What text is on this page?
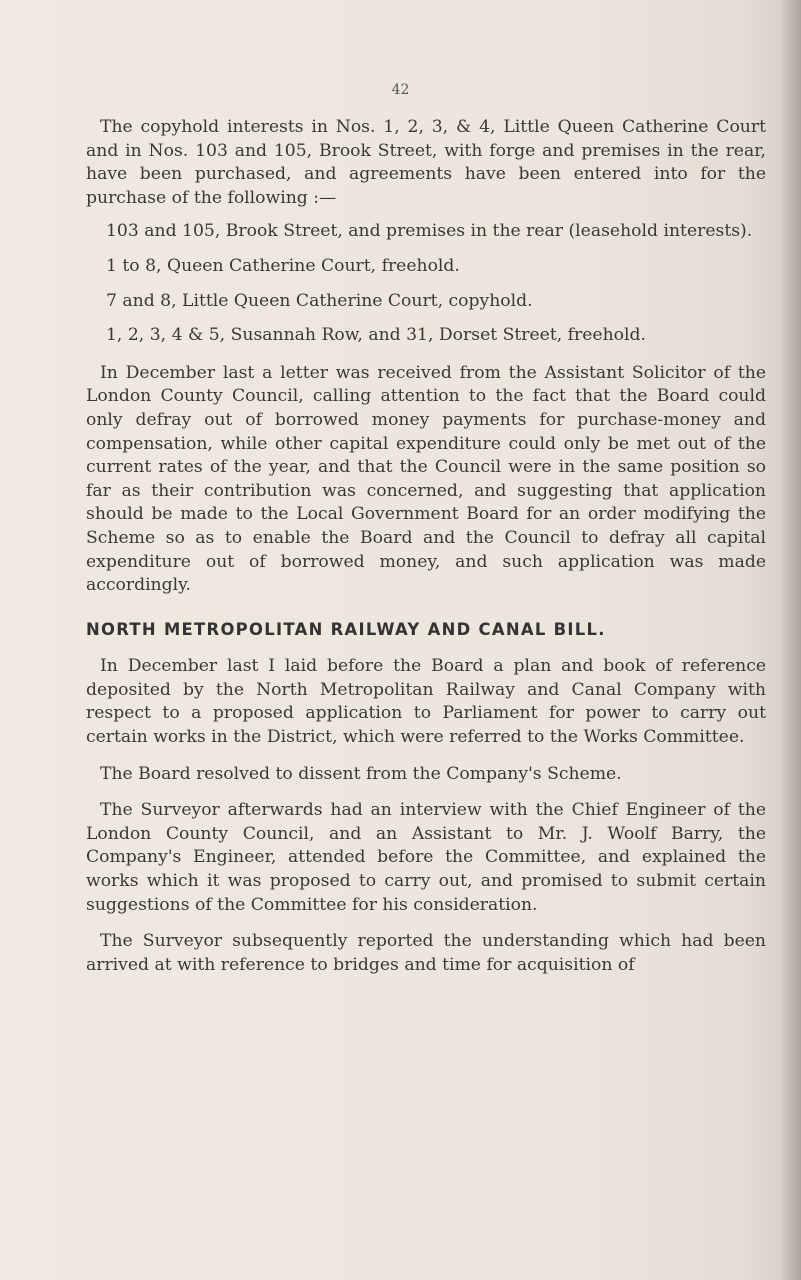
42

The copyhold interests in Nos. 1, 2, 3, & 4, Little Queen Catherine Court and in Nos. 103 and 105, Brook Street, with forge and premises in the rear, have been purchased, and agreements have been entered into for the purchase of the following :—

103 and 105, Brook Street, and premises in the rear (leasehold interests).

1 to 8, Queen Catherine Court, freehold.

7 and 8, Little Queen Catherine Court, copyhold.

1, 2, 3, 4 & 5, Susannah Row, and 31, Dorset Street, freehold.

In December last a letter was received from the Assistant Solicitor of the London County Council, calling attention to the fact that the Board could only defray out of borrowed money payments for purchase-money and compensation, while other capital expenditure could only be met out of the current rates of the year, and that the Council were in the same position so far as their contribution was concerned, and suggesting that application should be made to the Local Government Board for an order modifying the Scheme so as to enable the Board and the Council to defray all capital expenditure out of borrowed money, and such application was made accordingly.

NORTH METROPOLITAN RAILWAY AND CANAL BILL.

In December last I laid before the Board a plan and book of reference deposited by the North Metropolitan Railway and Canal Company with respect to a proposed application to Parliament for power to carry out certain works in the District, which were referred to the Works Committee.

The Board resolved to dissent from the Company's Scheme.

The Surveyor afterwards had an interview with the Chief Engineer of the London County Council, and an Assistant to Mr. J. Woolf Barry, the Company's Engineer, attended before the Committee, and explained the works which it was proposed to carry out, and promised to submit certain suggestions of the Committee for his consideration.

The Surveyor subsequently reported the understanding which had been arrived at with reference to bridges and time for acquisition of
